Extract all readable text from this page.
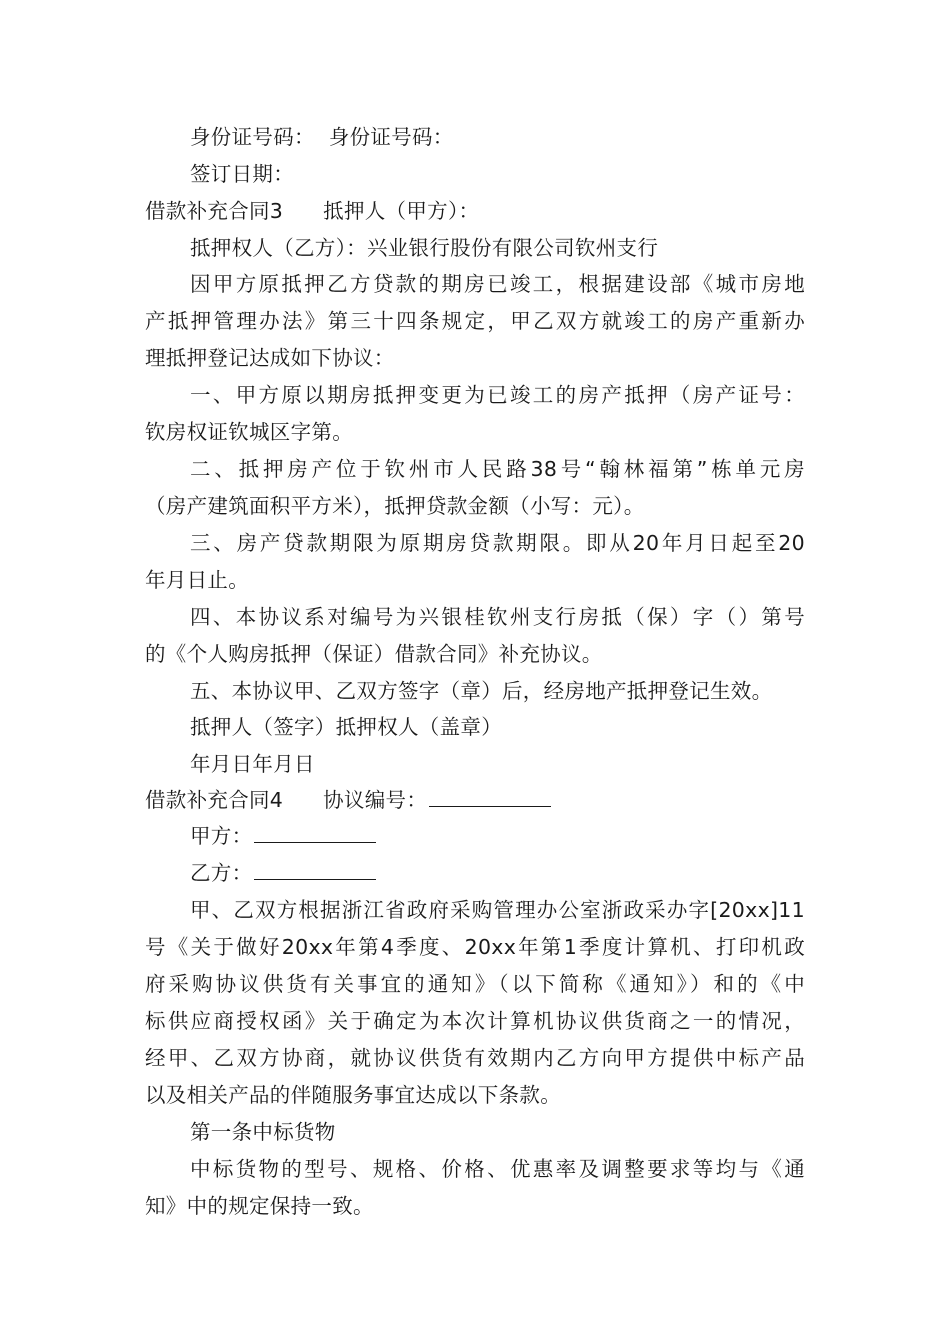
身份证号码： 身份证号码：
签订日期：
借款补充合同3 抵押人（甲方）：
抵押权人（乙方）：兴业银行股份有限公司钦州支行
因甲方原抵押乙方贷款的期房已竣工，根据建设部《城市房地
产抵押管理办法》第三十四条规定，甲乙双方就竣工的房产重新办
理抵押登记达成如下协议：
一、甲方原以期房抵押变更为已竣工的房产抵押（房产证号：
钦房权证钦城区字第。
二、抵押房产位于钦州市人民路38号“翰林福第”栋单元房
（房产建筑面积平方米），抵押贷款金额（小写：元）。
三、房产贷款期限为原期房贷款期限。即从20年月日起至20
年月日止。
四、本协议系对编号为兴银桂钦州支行房抵（保）字（）第号
的《个人购房抵押（保证）借款合同》补充协议。
五、本协议甲、乙双方签字（章）后，经房地产抵押登记生效。
抵押人（签字）抵押权人（盖章）
年月日年月日
借款补充合同4 协议编号：
甲方：
乙方：
甲、乙双方根据浙江省政府采购管理办公室浙政采办字[20xx]11
号《关于做好20xx年第4季度、20xx年第1季度计算机、打印机政
府采购协议供货有关事宜的通知》（以下简称《通知》）和的《中
标供应商授权函》关于确定为本次计算机协议供货商之一的情况，
经甲、乙双方协商，就协议供货有效期内乙方向甲方提供中标产品
以及相关产品的伴随服务事宜达成以下条款。
第一条中标货物
中标货物的型号、规格、价格、优惠率及调整要求等均与《通
知》中的规定保持一致。
